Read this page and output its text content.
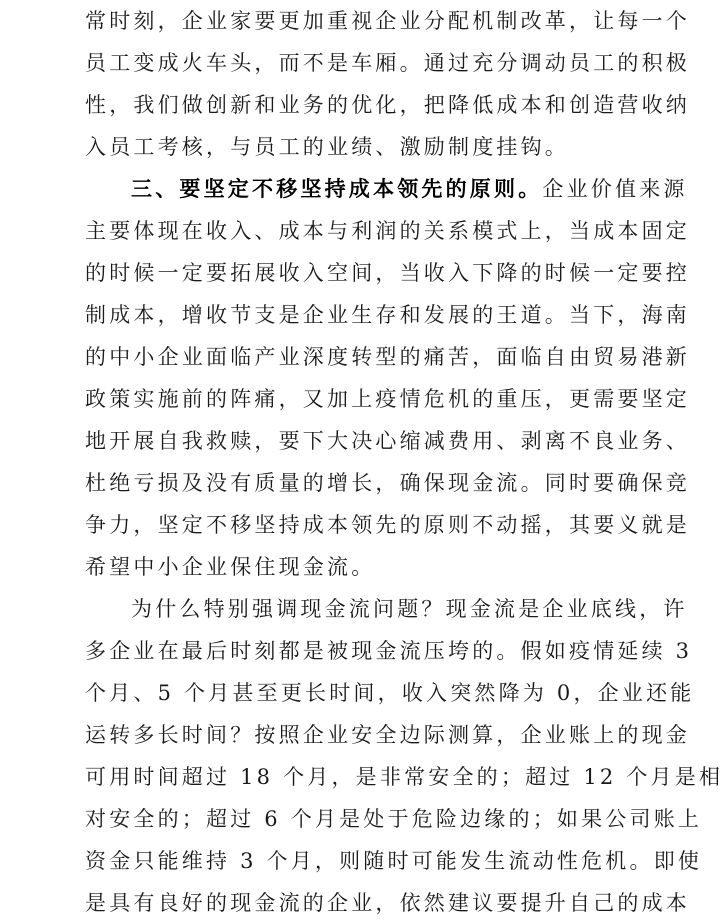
常时刻，企业家要更加重视企业分配机制改革，让每一个
员工变成火车头，而不是车厢。通过充分调动员工的积极
性，我们做创新和业务的优化，把降低成本和创造营收纳
入员工考核，与员工的业绩、激励制度挂钩。
三、要坚定不移坚持成本领先的原则。企业价值来源
主要体现在收入、成本与利润的关系模式上，当成本固定
的时候一定要拓展收入空间，当收入下降的时候一定要控
制成本，增收节支是企业生存和发展的王道。当下，海南
的中小企业面临产业深度转型的痛苦，面临自由贸易港新
政策实施前的阵痛，又加上疫情危机的重压，更需要坚定
地开展自我救赎，要下大决心缩减费用、剥离不良业务、
杜绝亏损及没有质量的增长，确保现金流。同时要确保竞
争力，坚定不移坚持成本领先的原则不动摇，其要义就是
希望中小企业保住现金流。
为什么特别强调现金流问题？现金流是企业底线，许
多企业在最后时刻都是被现金流压垮的。假如疫情延续 3
个月、5 个月甚至更长时间，收入突然降为 0，企业还能
运转多长时间？按照企业安全边际测算，企业账上的现金
可用时间超过 18 个月，是非常安全的；超过 12 个月是相
对安全的；超过 6 个月是处于危险边缘的；如果公司账上
资金只能维持 3 个月，则随时可能发生流动性危机。即使
是具有良好的现金流的企业，依然建议要提升自己的成本
